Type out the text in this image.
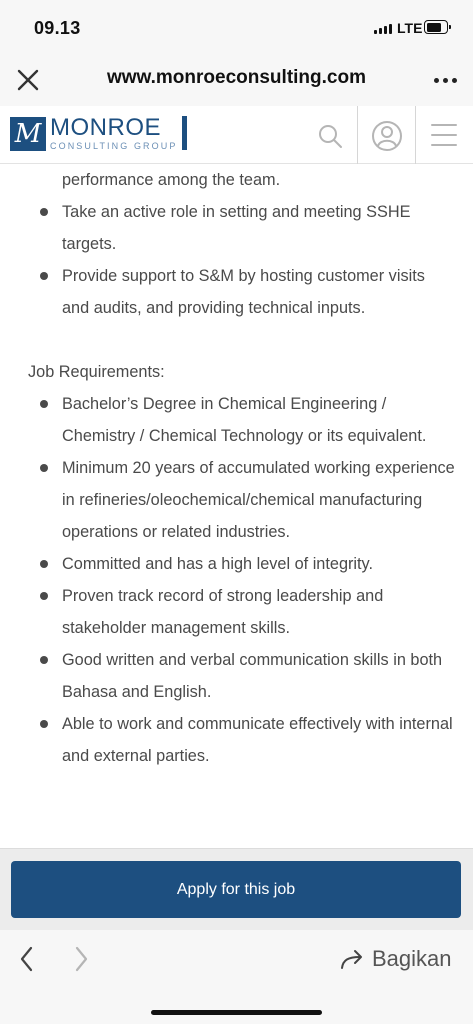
09.13	LTE
www.monroeconsulting.com
M MONROE
CONSULTING GROUP
performance among the team.
Take an active role in setting and meeting SSHE targets.
Provide support to S&M by hosting customer visits and audits, and providing technical inputs.
Job Requirements:
Bachelor’s Degree in Chemical Engineering / Chemistry / Chemical Technology or its equivalent.
Minimum 20 years of accumulated working experience in refineries/oleochemical/chemical manufacturing operations or related industries.
Committed and has a high level of integrity.
Proven track record of strong leadership and stakeholder management skills.
Good written and verbal communication skills in both Bahasa and English.
Able to work and communicate effectively with internal and external parties.
Apply for this job
Bagikan
